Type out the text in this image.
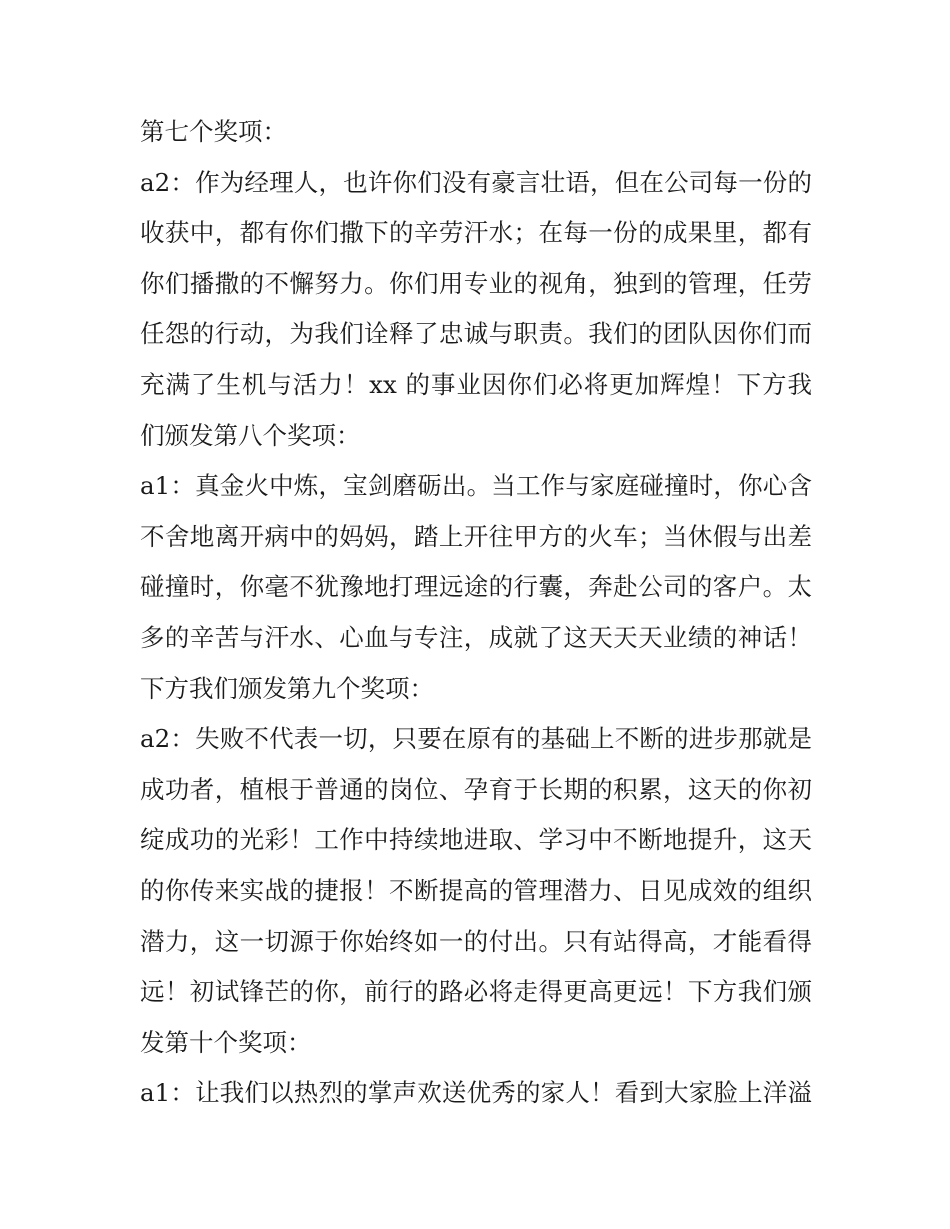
第七个奖项：
a2：作为经理人，也许你们没有豪言壮语，但在公司每一份的
收获中，都有你们撒下的辛劳汗水；在每一份的成果里，都有
你们播撒的不懈努力。你们用专业的视角，独到的管理，任劳
任怨的行动，为我们诠释了忠诚与职责。我们的团队因你们而
充满了生机与活力！xx 的事业因你们必将更加辉煌！下方我
们颁发第八个奖项：
a1：真金火中炼，宝剑磨砺出。当工作与家庭碰撞时，你心含
不舍地离开病中的妈妈，踏上开往甲方的火车；当休假与出差
碰撞时，你毫不犹豫地打理远途的行囊，奔赴公司的客户。太
多的辛苦与汗水、心血与专注，成就了这天天天业绩的神话！
下方我们颁发第九个奖项：
a2：失败不代表一切，只要在原有的基础上不断的进步那就是
成功者，植根于普通的岗位、孕育于长期的积累，这天的你初
绽成功的光彩！工作中持续地进取、学习中不断地提升，这天
的你传来实战的捷报！不断提高的管理潜力、日见成效的组织
潜力，这一切源于你始终如一的付出。只有站得高，才能看得
远！初试锋芒的你，前行的路必将走得更高更远！下方我们颁
发第十个奖项：
a1：让我们以热烈的掌声欢送优秀的家人！看到大家脸上洋溢
